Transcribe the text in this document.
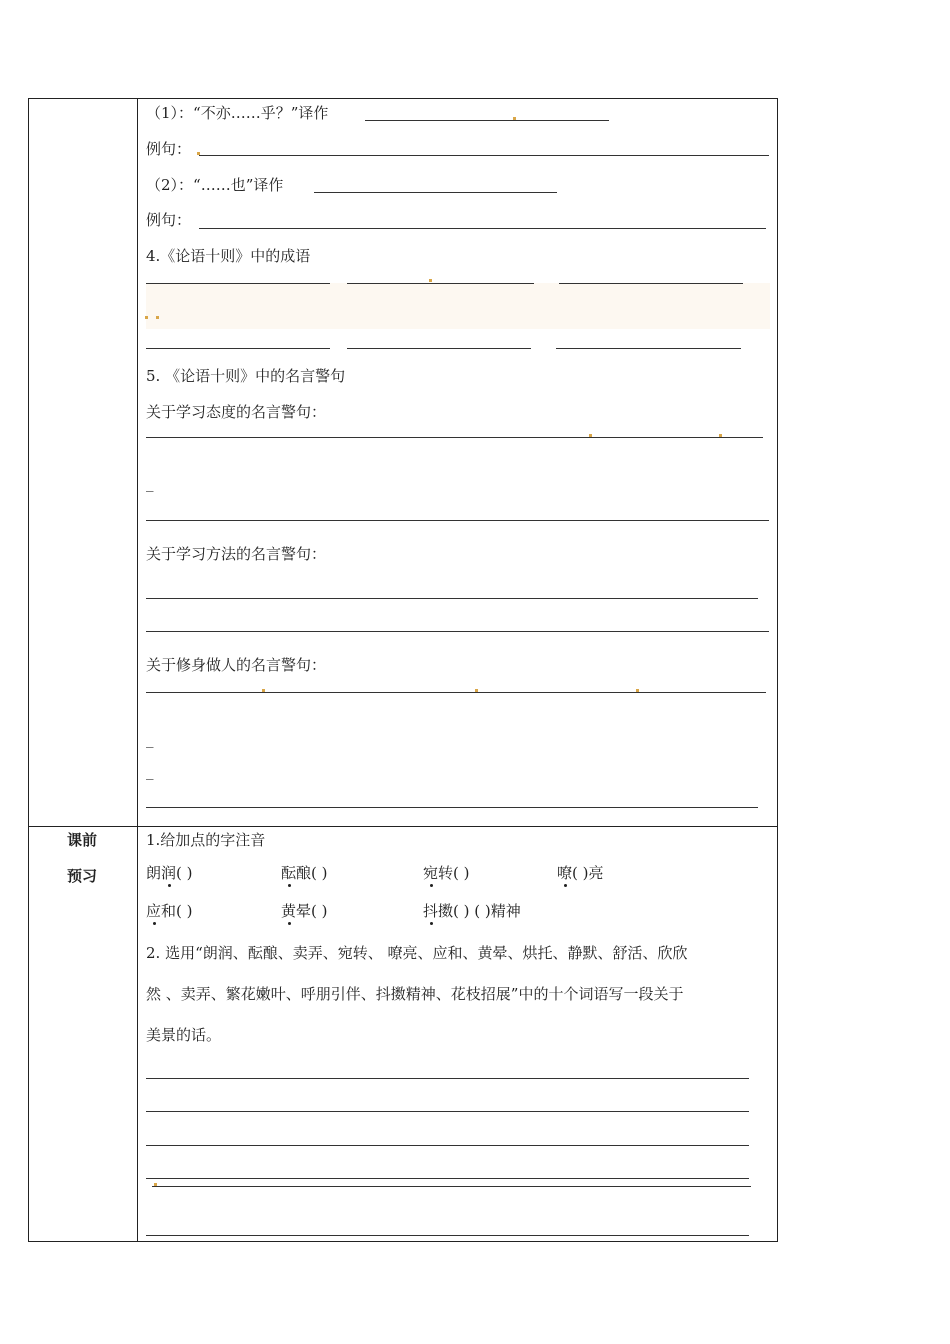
（1）：“不亦……乎？”译作
例句：
（2）：“……也”译作
例句：
4.《论语十则》中的成语
5. 《论语十则》中的名言警句
关于学习态度的名言警句：
_
关于学习方法的名言警句：
关于修身做人的名言警句：
_
_
课前
预习
1.给加点的字注音
朗润( )	酝酿( )	宛转( )	嘹( )亮
应和( )	黄晕( )	抖擞( ) ( )精神
2. 选用“朗润、酝酿、卖弄、宛转、 嘹亮、应和、黄晕、烘托、静默、舒活、欣欣
然 、卖弄、繁花嫩叶、呼朋引伴、抖擞精神、花枝招展”中的十个词语写一段关于
美景的话。
